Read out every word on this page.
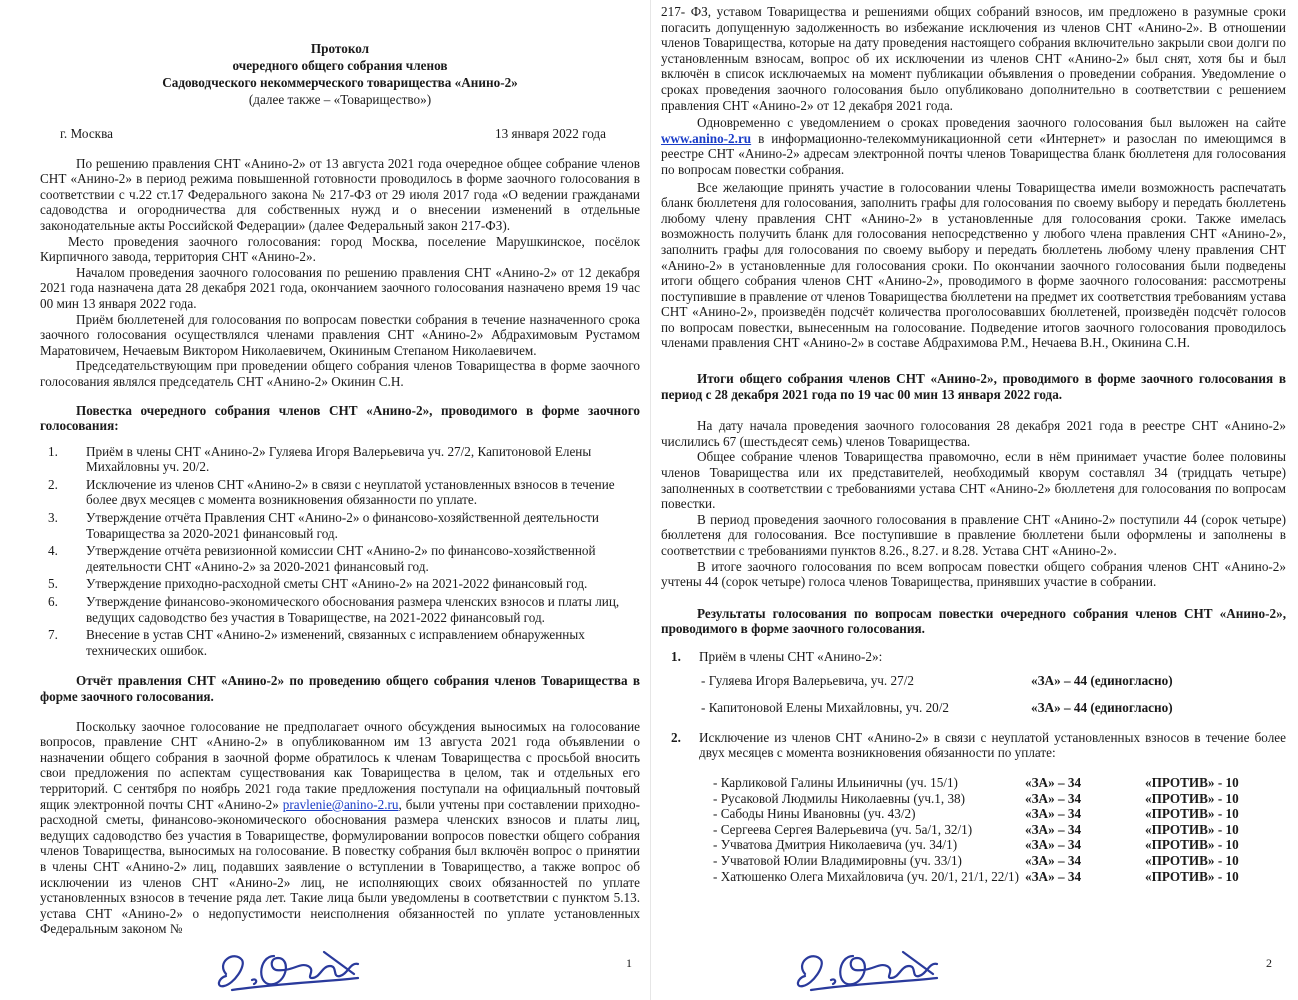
Протокол
очередного общего собрания членов
Садоводческого некоммерческого товарищества «Анино-2»
(далее также – «Товарищество»)
г. Москва	13 января 2022 года

По решению правления СНТ «Анино-2» от 13 августа 2021 года очередное общее собрание членов СНТ «Анино-2» в период режима повышенной готовности проводилось в форме заочного голосования в соответствии с ч.22 ст.17 Федерального закона № 217-ФЗ от 29 июля 2017 года «О ведении гражданами садоводства и огородничества для собственных нужд и о внесении изменений в отдельные законодательные акты Российской Федерации» (далее Федеральный закон 217-ФЗ).

Место проведения заочного голосования: город Москва, поселение Марушкинское, посёлок Кирпичного завода, территория СНТ «Анино-2».

Началом проведения заочного голосования по решению правления СНТ «Анино-2» от 12 декабря 2021 года назначена дата 28 декабря 2021 года, окончанием заочного голосования назначено время 19 час 00 мин 13 января 2022 года.

Приём бюллетеней для голосования по вопросам повестки собрания в течение назначенного срока заочного голосования осуществлялся членами правления СНТ «Анино-2» Абдрахимовым Рустамом Маратовичем, Нечаевым Виктором Николаевичем, Окининым Степаном Николаевичем.

Председательствующим при проведении общего собрания членов Товарищества в форме заочного голосования являлся председатель СНТ «Анино-2» Окинин С.Н.

Повестка очередного собрания членов СНТ «Анино-2», проводимого в форме заочного голосования:

1.	Приём в члены СНТ «Анино-2» Гуляева Игоря Валерьевича уч. 27/2, Капитоновой Елены Михайловны уч. 20/2.
2.	Исключение из членов СНТ «Анино-2» в связи с неуплатой установленных взносов в течение более двух месяцев с момента возникновения обязанности по уплате.
3.	Утверждение отчёта Правления СНТ «Анино-2» о финансово-хозяйственной деятельности Товарищества за 2020-2021 финансовый год.
4.	Утверждение отчёта ревизионной комиссии СНТ «Анино-2» по финансово-хозяйственной деятельности СНТ «Анино-2» за 2020-2021 финансовый год.
5.	Утверждение приходно-расходной сметы СНТ «Анино-2» на 2021-2022 финансовый год.
6.	Утверждение финансово-экономического обоснования размера членских взносов и платы лиц, ведущих садоводство без участия в Товариществе, на 2021-2022 финансовый год.
7.	Внесение в устав СНТ «Анино-2» изменений, связанных с исправлением обнаруженных технических ошибок.

Отчёт правления СНТ «Анино-2» по проведению общего собрания членов Товарищества в форме заочного голосования.

Поскольку заочное голосование не предполагает очного обсуждения выносимых на голосование вопросов, правление СНТ «Анино-2» в опубликованном им 13 августа 2021 года объявлении о назначении общего собрания в заочной форме обратилось к членам Товарищества с просьбой вносить свои предложения по аспектам существования как Товарищества в целом, так и отдельных его территорий. С сентября по ноябрь 2021 года такие предложения поступали на официальный почтовый ящик электронной почты СНТ «Анино-2» pravlenie@anino-2.ru, были учтены при составлении приходно-расходной сметы, финансово-экономического обоснования размера членских взносов и платы лиц, ведущих садоводство без участия в Товариществе, формулировании вопросов повестки общего собрания членов Товарищества, выносимых на голосование. В повестку собрания был включён вопрос о принятии в члены СНТ «Анино-2» лиц, подавших заявление о вступлении в Товарищество, а также вопрос об исключении из членов СНТ «Анино-2» лиц, не исполняющих своих обязанностей по уплате установленных взносов в течение ряда лет. Такие лица были уведомлены в соответствии с пунктом 5.13. устава СНТ «Анино-2» о недопустимости неисполнения обязанностей по уплате установленных Федеральным законом №

1

217- ФЗ, уставом Товарищества и решениями общих собраний взносов, им предложено в разумные сроки погасить допущенную задолженность во избежание исключения из членов СНТ «Анино-2». В отношении членов Товарищества, которые на дату проведения настоящего собрания включительно закрыли свои долги по установленным взносам, вопрос об их исключении из членов СНТ «Анино-2» был снят, хотя бы и был включён в список исключаемых на момент публикации объявления о проведении собрания. Уведомление о сроках проведения заочного голосования было опубликовано дополнительно в соответствии с решением правления СНТ «Анино-2» от 12 декабря 2021 года.

Одновременно с уведомлением о сроках проведения заочного голосования был выложен на сайте www.anino-2.ru в информационно-телекоммуникационной сети «Интернет» и разослан по имеющимся в реестре СНТ «Анино-2» адресам электронной почты членов Товарищества бланк бюллетеня для голосования по вопросам повестки собрания.

Все желающие принять участие в голосовании члены Товарищества имели возможность распечатать бланк бюллетеня для голосования, заполнить графы для голосования по своему выбору и передать бюллетень любому члену правления СНТ «Анино-2» в установленные для голосования сроки. Также имелась возможность получить бланк для голосования непосредственно у любого члена правления СНТ «Анино-2», заполнить графы для голосования по своему выбору и передать бюллетень любому члену правления СНТ «Анино-2» в установленные для голосования сроки. По окончании заочного голосования были подведены итоги общего собрания членов СНТ «Анино-2», проводимого в форме заочного голосования: рассмотрены поступившие в правление от членов Товарищества бюллетени на предмет их соответствия требованиям устава СНТ «Анино-2», произведён подсчёт количества проголосовавших бюллетеней, произведён подсчёт голосов по вопросам повестки, вынесенным на голосование. Подведение итогов заочного голосования проводилось членами правления СНТ «Анино-2» в составе Абдрахимова Р.М., Нечаева В.Н., Окинина С.Н.

Итоги общего собрания членов СНТ «Анино-2», проводимого в форме заочного голосования в период с 28 декабря 2021 года по 19 час 00 мин 13 января 2022 года.

На дату начала проведения заочного голосования 28 декабря 2021 года в реестре СНТ «Анино-2» числились 67 (шестьдесят семь) членов Товарищества.

Общее собрание членов Товарищества правомочно, если в нём принимает участие более половины членов Товарищества или их представителей, необходимый кворум составлял 34 (тридцать четыре) заполненных в соответствии с требованиями устава СНТ «Анино-2» бюллетеня для голосования по вопросам повестки.

В период проведения заочного голосования в правление СНТ «Анино-2» поступили 44 (сорок четыре) бюллетеня для голосования. Все поступившие в правление бюллетени были оформлены и заполнены в соответствии с требованиями пунктов 8.26., 8.27. и 8.28. Устава СНТ «Анино-2».

В итоге заочного голосования по всем вопросам повестки общего собрания членов СНТ «Анино-2» учтены 44 (сорок четыре) голоса членов Товарищества, принявших участие в собрании.

Результаты голосования по вопросам повестки очередного собрания членов СНТ «Анино-2», проводимого в форме заочного голосования.

1.	Приём в члены СНТ «Анино-2»:
- Гуляева Игоря Валерьевича, уч. 27/2	«ЗА» – 44 (единогласно)
- Капитоновой Елены Михайловны, уч. 20/2	«ЗА» – 44 (единогласно)
2.	Исключение из членов СНТ «Анино-2» в связи с неуплатой установленных взносов в течение более двух месяцев с момента возникновения обязанности по уплате:
- Карликовой Галины Ильиничны (уч. 15/1)	«ЗА» – 34	«ПРОТИВ» - 10
- Русаковой Людмилы Николаевны (уч.1, 38)	«ЗА» – 34	«ПРОТИВ» - 10
- Сабоды Нины Ивановны (уч. 43/2)	«ЗА» – 34	«ПРОТИВ» - 10
- Сергеева Сергея Валерьевича (уч. 5а/1, 32/1)	«ЗА» – 34	«ПРОТИВ» - 10
- Учватова Дмитрия Николаевича (уч. 34/1)	«ЗА» – 34	«ПРОТИВ» - 10
- Учватовой Юлии Владимировны (уч. 33/1)	«ЗА» – 34	«ПРОТИВ» - 10
- Хатюшенко Олега Михайловича (уч. 20/1, 21/1, 22/1) «ЗА» – 34	«ПРОТИВ» - 10
2
